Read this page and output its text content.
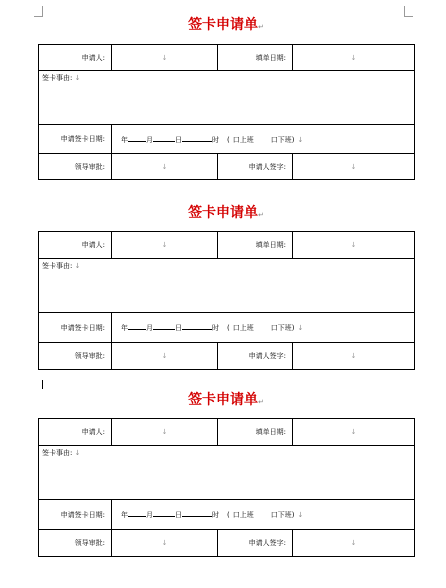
签卡申请单↵
申请人:	↓	填单日期:	↓
签卡事由: ↓			
申请签卡日期:	年 月 日 时 ( 口上班 口下班) ↓		
领导审批:	↓	申请人签字:	↓
签卡申请单↵
申请人:	↓	填单日期:	↓
签卡事由: ↓			
申请签卡日期:	年 月 日 时 ( 口上班 口下班) ↓		
领导审批:	↓	申请人签字:	↓
签卡申请单↵
申请人:	↓	填单日期:	↓
签卡事由: ↓			
申请签卡日期:	年 月 日 时 ( 口上班 口下班) ↓		
领导审批:	↓	申请人签字:	↓
